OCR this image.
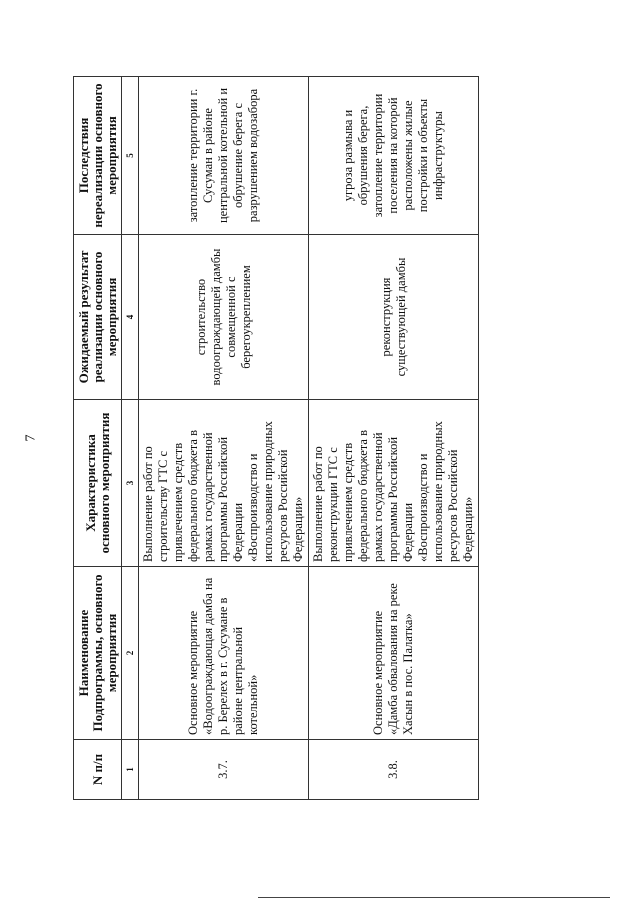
7
N п/п	Наименование Подпрограммы, основного мероприятия	Характеристика основного мероприятия	Ожидаемый результат реализации основного мероприятия	Последствия нереализации основного мероприятия
1	2	3	4	5
3.7.	Основное мероприятие «Водоограждающая дамба на р. Берелех в г. Сусумане в районе центральной котельной»	Выполнение работ по строительству ГТС с привлечением средств федерального бюджета в рамках государственной программы Российской Федерации «Воспроизводство и использование природных ресурсов Российской Федерации»	строительство водоограждающей дамбы совмещенной с берегоукреплением	затопление территории г. Сусуман в районе центральной котельной и обрушение берега с разрушением водозабора
3.8.	Основное мероприятие «Дамба обвалования на реке Хасын в пос. Палатка»	Выполнение работ по реконструкции ГТС с привлечением средств федерального бюджета в рамках государственной программы Российской Федерации «Воспроизводство и использование природных ресурсов Российской Федерации»	реконструкция существующей дамбы	угроза размыва и обрушения берега, затопление территории поселения на которой расположены жилые постройки и объекты инфраструктуры
